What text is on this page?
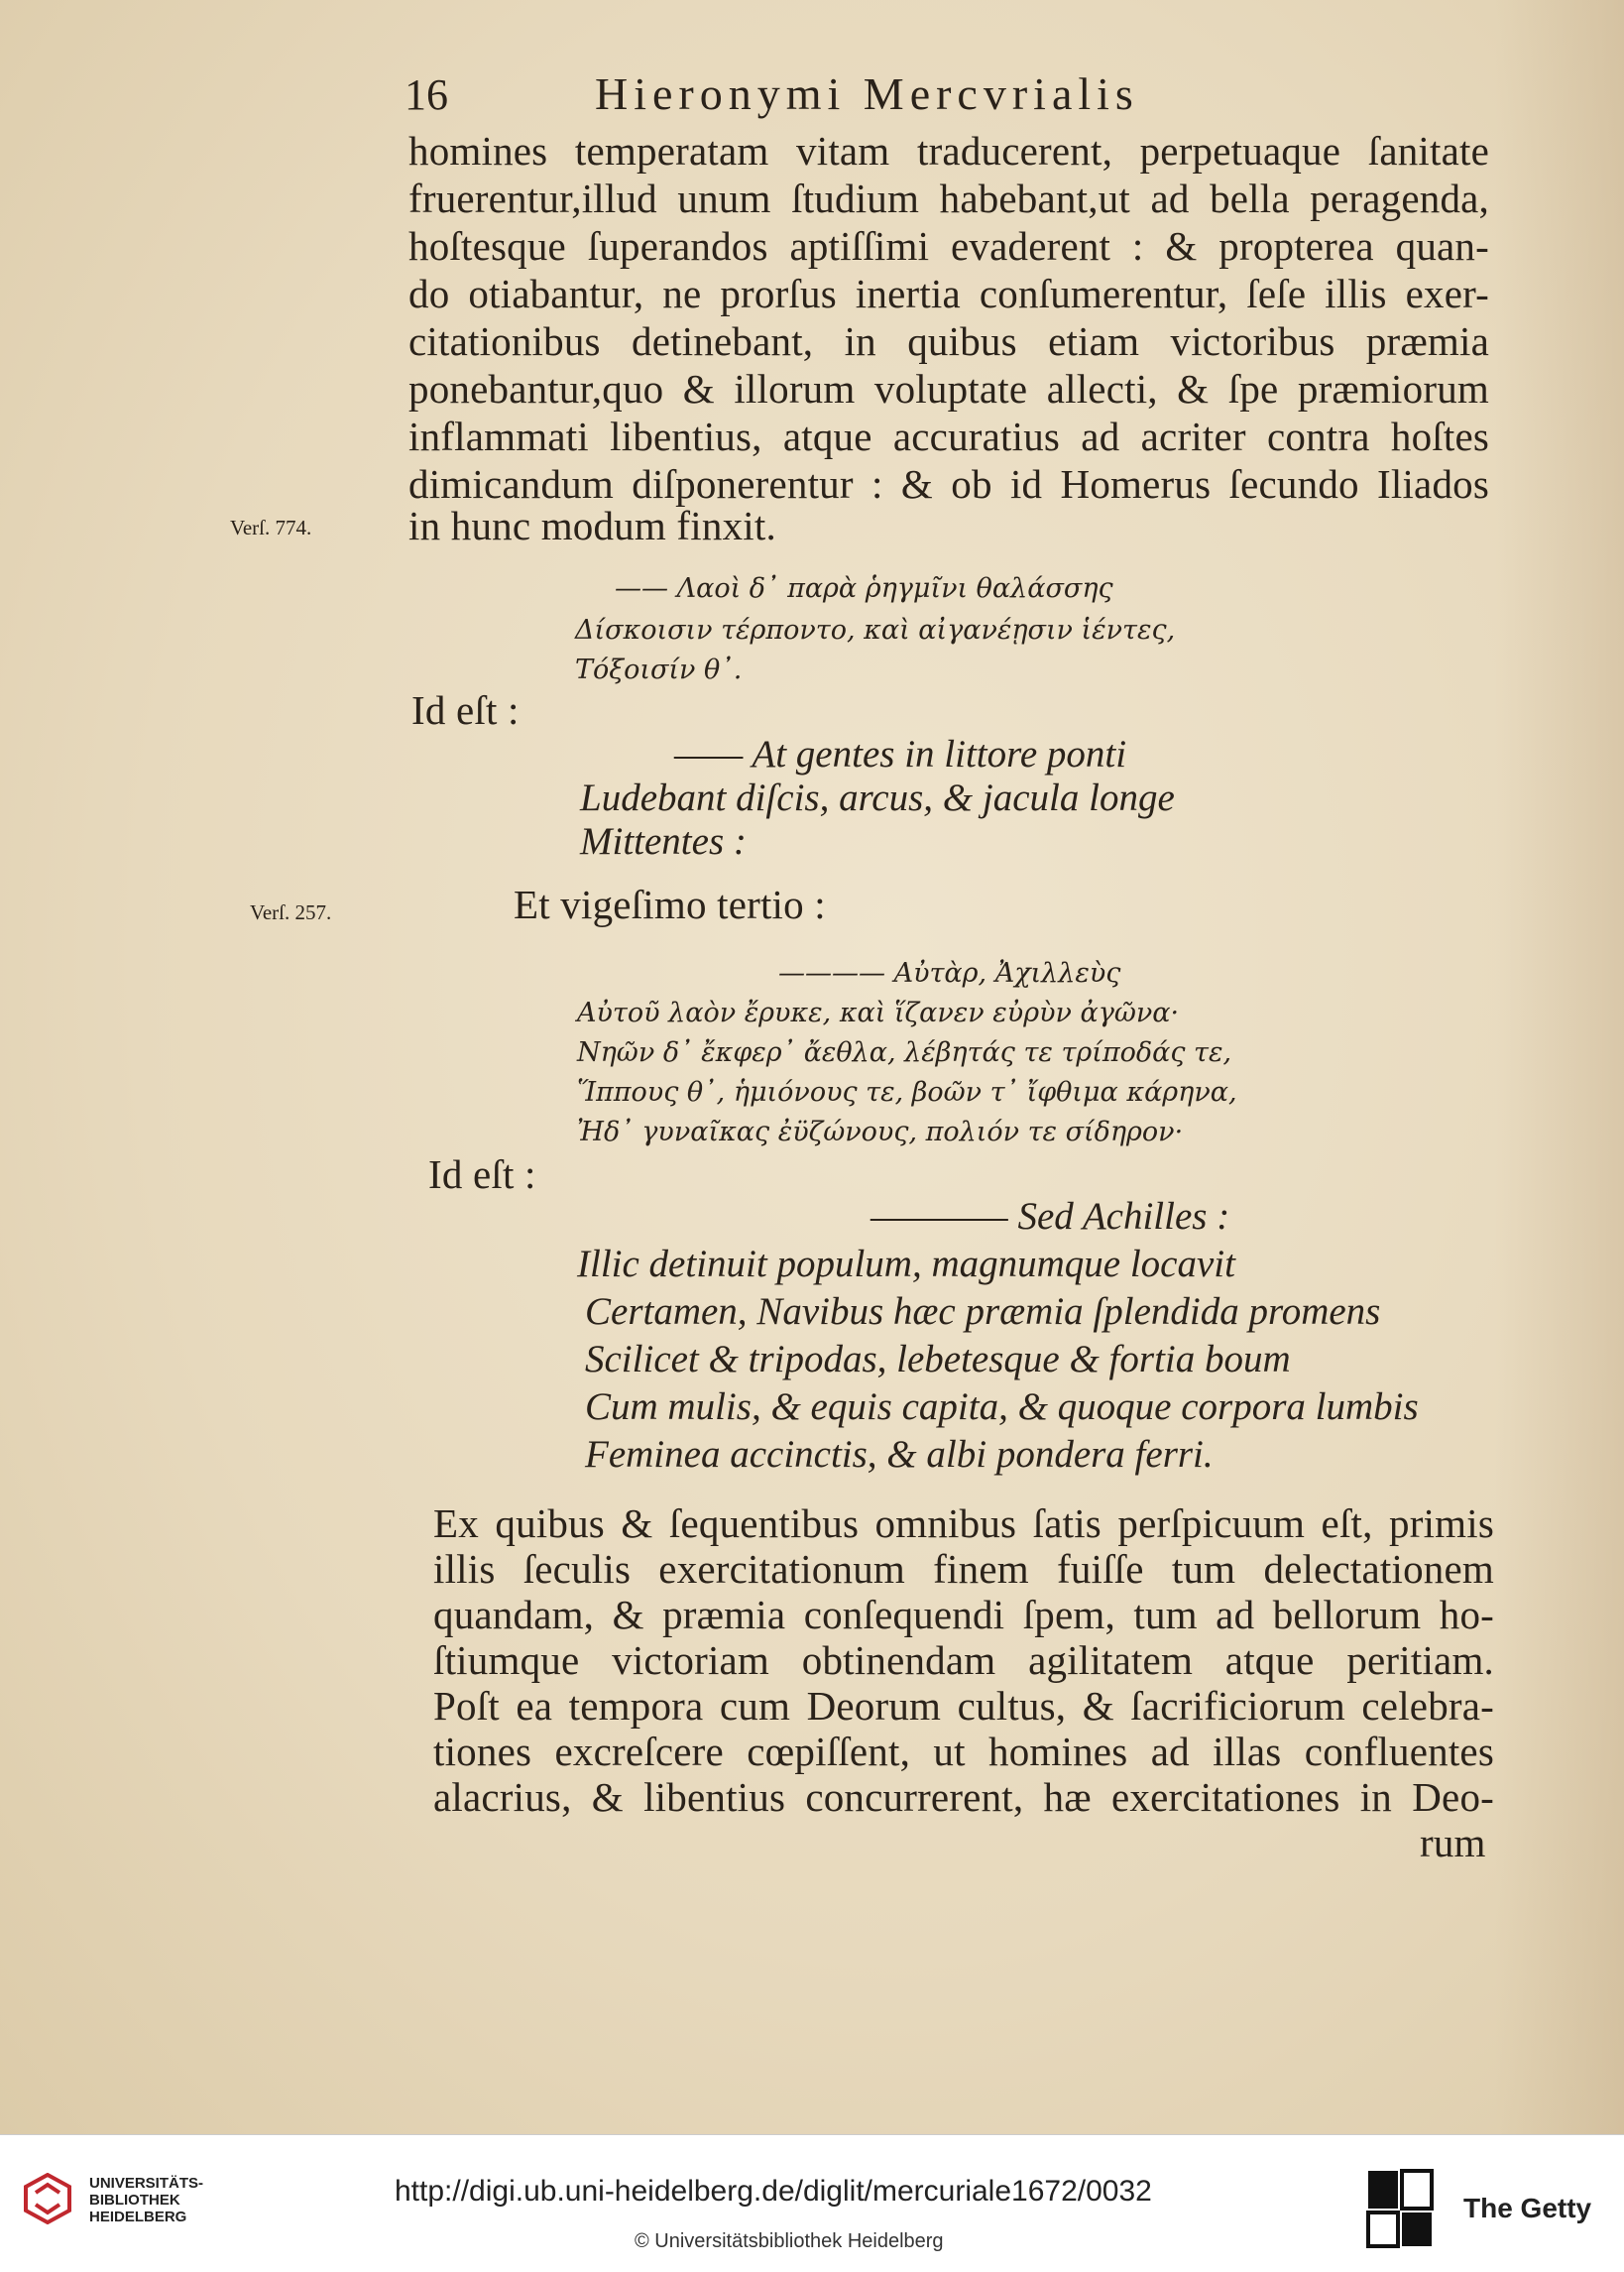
16	Hieronymi Mercvrialis
homines temperatam vitam traducerent, perpetuaque ſanitate
fruerentur,illud unum ſtudium habebant,ut ad bella peragenda,
hoſtesque ſuperandos aptiſſimi evaderent : & propterea quan-
do otiabantur, ne prorſus inertia conſumerentur, ſeſe illis exer-
citationibus detinebant, in quibus etiam victoribus præmia
ponebantur,quo & illorum voluptate allecti, & ſpe præmiorum
inflammati libentius, atque accuratius ad acriter contra hoſtes
dimicandum diſponerentur : & ob id Homerus ſecundo Iliados
in hunc modum finxit.
Verſ. 774.
—— Λαοὶ δ᾽ παρὰ ῥηγμῖνι θαλάσσης
Δίσκοισιν τέρποντο, καὶ αἰγανέῃσιν ἱέντες,
Τόξοισίν θ᾽.
Id eſt :
—— At gentes in littore ponti
Ludebant diſcis, arcus, & jacula longe
Mittentes :
Verſ. 257.	Et vigeſimo tertio :
———— Αὐτὰρ, Ἀχιλλεὺς
Αὐτοῦ λαὸν ἔρυκε, καὶ ἵζανεν εὐρὺν ἀγῶνα·
Νηῶν δ᾽ ἔκφερ᾽ ἄεθλα, λέβητάς τε τρίποδάς τε,
Ἵππους θ᾽, ἡμιόνους τε, βοῶν τ᾽ ἴφθιμα κάρηνα,
Ἠδ᾽ γυναῖκας ἐϋζώνους, πολιόν τε σίδηρον·
Id eſt :
———— Sed Achilles :
Illic detinuit populum, magnumque locavit
Certamen, Navibus hæc præmia ſplendida promens
Scilicet & tripodas, lebetesque & fortia boum
Cum mulis, & equis capita, & quoque corpora lumbis
Feminea accinctis, & albi pondera ferri.
Ex quibus & ſequentibus omnibus ſatis perſpicuum eſt, primis
illis ſeculis exercitationum finem fuiſſe tum delectationem
quandam, & præmia conſequendi ſpem, tum ad bellorum ho-
ſtiumque victoriam obtinendam agilitatem atque peritiam.
Poſt ea tempora cum Deorum cultus, & ſacrificiorum celebra-
tiones excreſcere cœpiſſent, ut homines ad illas confluentes
alacrius, & libentius concurrerent, hæ exercitationes in Deo-
rum
UNIVERSITÄTS-
BIBLIOTHEK
HEIDELBERG
http://digi.ub.uni-heidelberg.de/diglit/mercuriale1672/0032
© Universitätsbibliothek Heidelberg
The Getty
